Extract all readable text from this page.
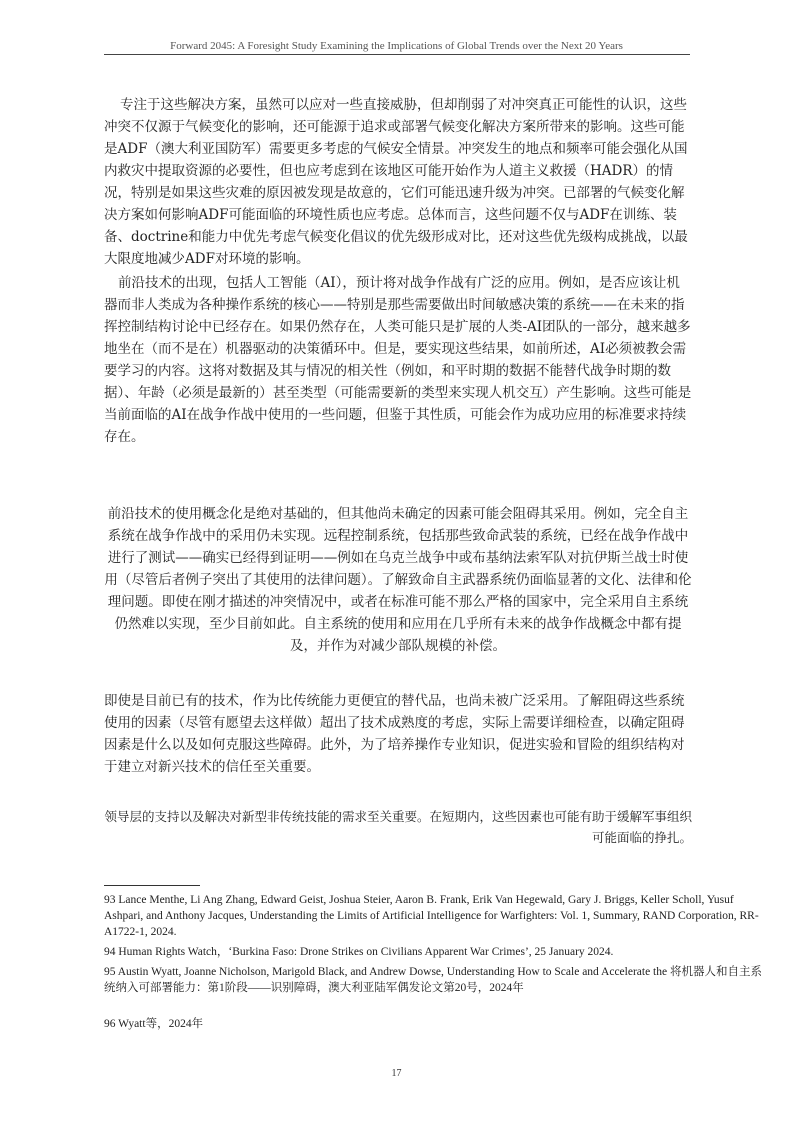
Forward 2045: A Foresight Study Examining the Implications of Global Trends over the Next 20 Years
专注于这些解决方案，虽然可以应对一些直接威胁，但却削弱了对冲突真正可能性的认识，这些冲突不仅源于气候变化的影响，还可能源于追求或部署气候变化解决方案所带来的影响。这些可能是ADF（澳大利亚国防军）需要更多考虑的气候安全情景。冲突发生的地点和频率可能会强化从国内救灾中提取资源的必要性，但也应考虑到在该地区可能开始作为人道主义救援（HADR）的情况，特别是如果这些灾难的原因被发现是故意的，它们可能迅速升级为冲突。已部署的气候变化解决方案如何影响ADF可能面临的环境性质也应考虑。总体而言，这些问题不仅与ADF在训练、装备、doctrine和能力中优先考虑气候变化倡议的优先级形成对比，还对这些优先级构成挑战，以最大限度地减少ADF对环境的影响。
前沿技术的出现，包括人工智能（AI），预计将对战争作战有广泛的应用。例如，是否应该让机器而非人类成为各种操作系统的核心——特别是那些需要做出时间敏感决策的系统——在未来的指挥控制结构讨论中已经存在。如果仍然存在，人类可能只是扩展的人类-AI团队的一部分，越来越多地坐在（而不是在）机器驱动的决策循环中。但是，要实现这些结果，如前所述，AI必须被教会需要学习的内容。这将对数据及其与情况的相关性（例如，和平时期的数据不能替代战争时期的数据）、年龄（必须是最新的）甚至类型（可能需要新的类型来实现人机交互）产生影响。这些可能是当前面临的AI在战争作战中使用的一些问题，但鉴于其性质，可能会作为成功应用的标准要求持续存在。
前沿技术的使用概念化是绝对基础的，但其他尚未确定的因素可能会阻碍其采用。例如，完全自主系统在战争作战中的采用仍未实现。远程控制系统，包括那些致命武装的系统，已经在战争作战中进行了测试——确实已经得到证明——例如在乌克兰战争中或布基纳法索军队对抗伊斯兰战士时使用（尽管后者例子突出了其使用的法律问题）。了解致命自主武器系统仍面临显著的文化、法律和伦理问题。即使在刚才描述的冲突情况中，或者在标准可能不那么严格的国家中，完全采用自主系统仍然难以实现，至少目前如此。自主系统的使用和应用在几乎所有未来的战争作战概念中都有提及，并作为对减少部队规模的补偿。
即使是目前已有的技术，作为比传统能力更便宜的替代品，也尚未被广泛采用。了解阻碍这些系统使用的因素（尽管有愿望去这样做）超出了技术成熟度的考虑，实际上需要详细检查，以确定阻碍因素是什么以及如何克服这些障碍。此外，为了培养操作专业知识，促进实验和冒险的组织结构对于建立对新兴技术的信任至关重要。
领导层的支持以及解决对新型非传统技能的需求至关重要。在短期内，这些因素也可能有助于缓解军事组织可能面临的挣扎。
93 Lance Menthe, Li Ang Zhang, Edward Geist, Joshua Steier, Aaron B. Frank, Erik Van Hegewald, Gary J. Briggs, Keller Scholl, Yusuf Ashpari, and Anthony Jacques, Understanding the Limits of Artificial Intelligence for Warfighters: Vol. 1, Summary, RAND Corporation, RR-A1722-1, 2024.
94 Human Rights Watch，‘Burkina Faso: Drone Strikes on Civilians Apparent War Crimes’, 25 January 2024.
95 Austin Wyatt, Joanne Nicholson, Marigold Black, and Andrew Dowse, Understanding How to Scale and Accelerate the 将机器人和自主系统纳入可部署能力：第1阶段——识别障碍，澳大利亚陆军偶发论文第20号，2024年
96 Wyatt等，2024年
17
